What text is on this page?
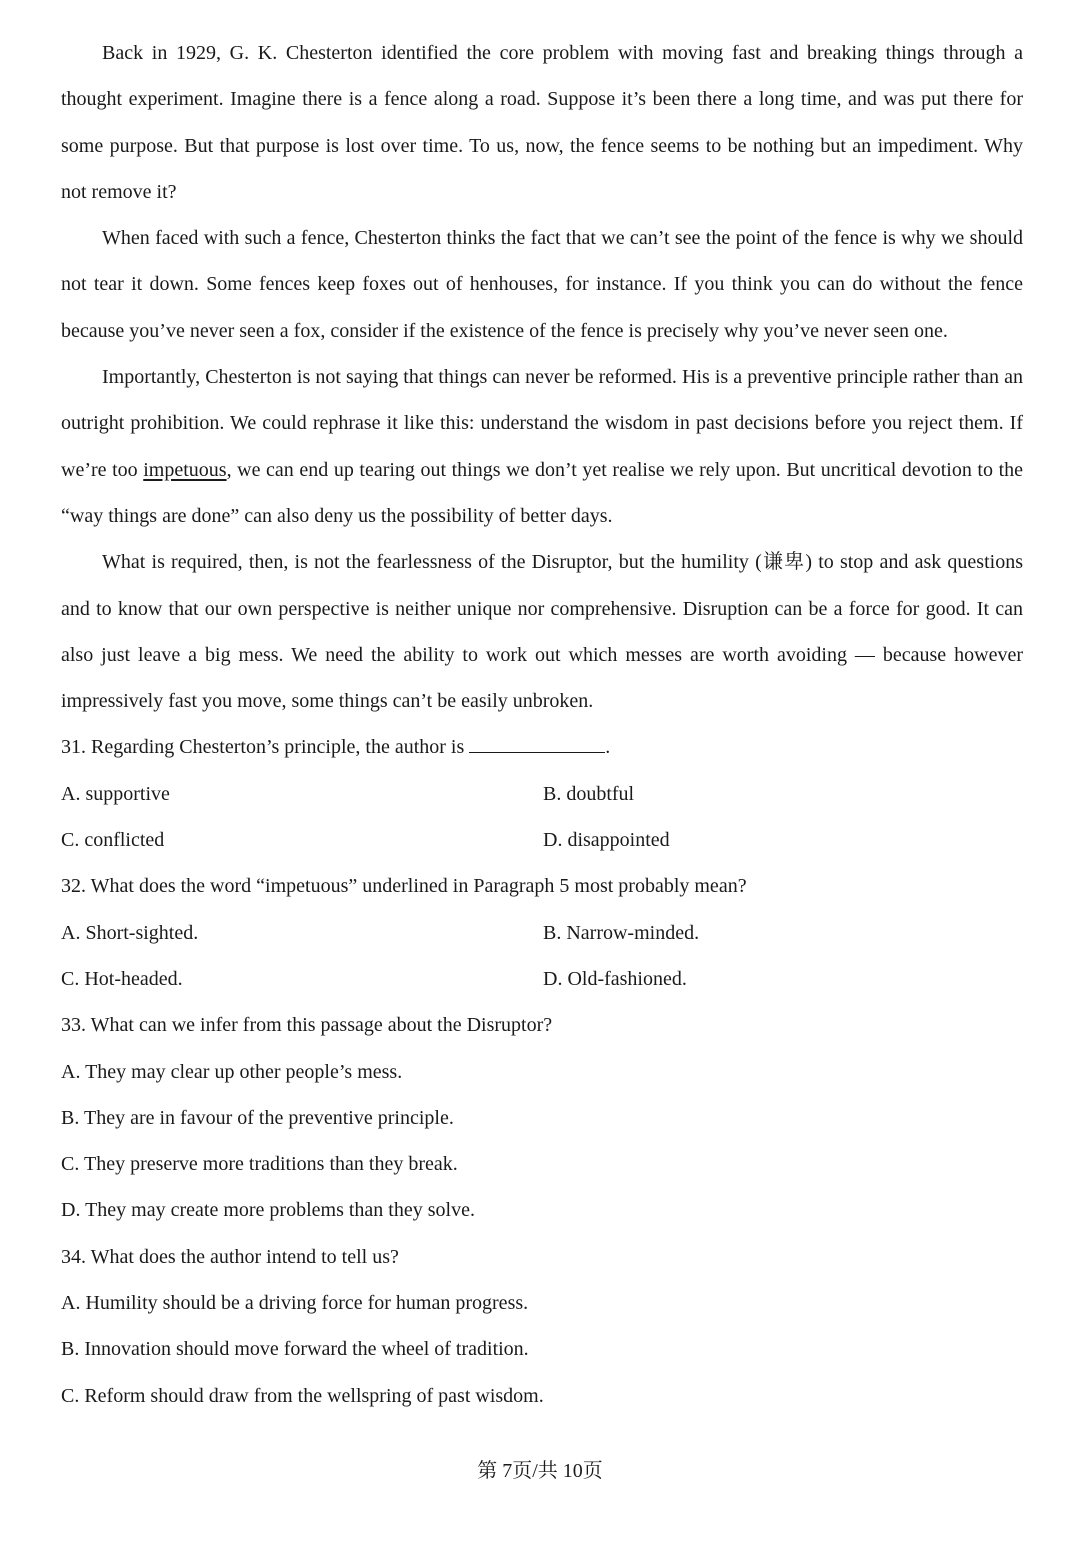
Back in 1929, G. K. Chesterton identified the core problem with moving fast and breaking things through a thought experiment. Imagine there is a fence along a road. Suppose it’s been there a long time, and was put there for some purpose. But that purpose is lost over time. To us, now, the fence seems to be nothing but an impediment. Why not remove it?

When faced with such a fence, Chesterton thinks the fact that we can’t see the point of the fence is why we should not tear it down. Some fences keep foxes out of henhouses, for instance. If you think you can do without the fence because you’ve never seen a fox, consider if the existence of the fence is precisely why you’ve never seen one.

Importantly, Chesterton is not saying that things can never be reformed. His is a preventive principle rather than an outright prohibition. We could rephrase it like this: understand the wisdom in past decisions before you reject them. If we’re too impetuous, we can end up tearing out things we don’t yet realise we rely upon. But uncritical devotion to the “way things are done” can also deny us the possibility of better days.

What is required, then, is not the fearlessness of the Disruptor, but the humility (谦卑) to stop and ask questions and to know that our own perspective is neither unique nor comprehensive. Disruption can be a force for good. It can also just leave a big mess. We need the ability to work out which messes are worth avoiding — because however impressively fast you move, some things can’t be easily unbroken.

31. Regarding Chesterton’s principle, the author is	.

A. supportive	B. doubtful
C. conflicted	D. disappointed

32. What does the word “impetuous” underlined in Paragraph 5 most probably mean?

A. Short-sighted.	B. Narrow-minded.
C. Hot-headed.	D. Old-fashioned.

33. What can we infer from this passage about the Disruptor?

A. They may clear up other people’s mess.

B. They are in favour of the preventive principle.

C. They preserve more traditions than they break.

D. They may create more problems than they solve.

34. What does the author intend to tell us?

A. Humility should be a driving force for human progress.

B. Innovation should move forward the wheel of tradition.

C. Reform should draw from the wellspring of past wisdom.

第 7页/共 10页
